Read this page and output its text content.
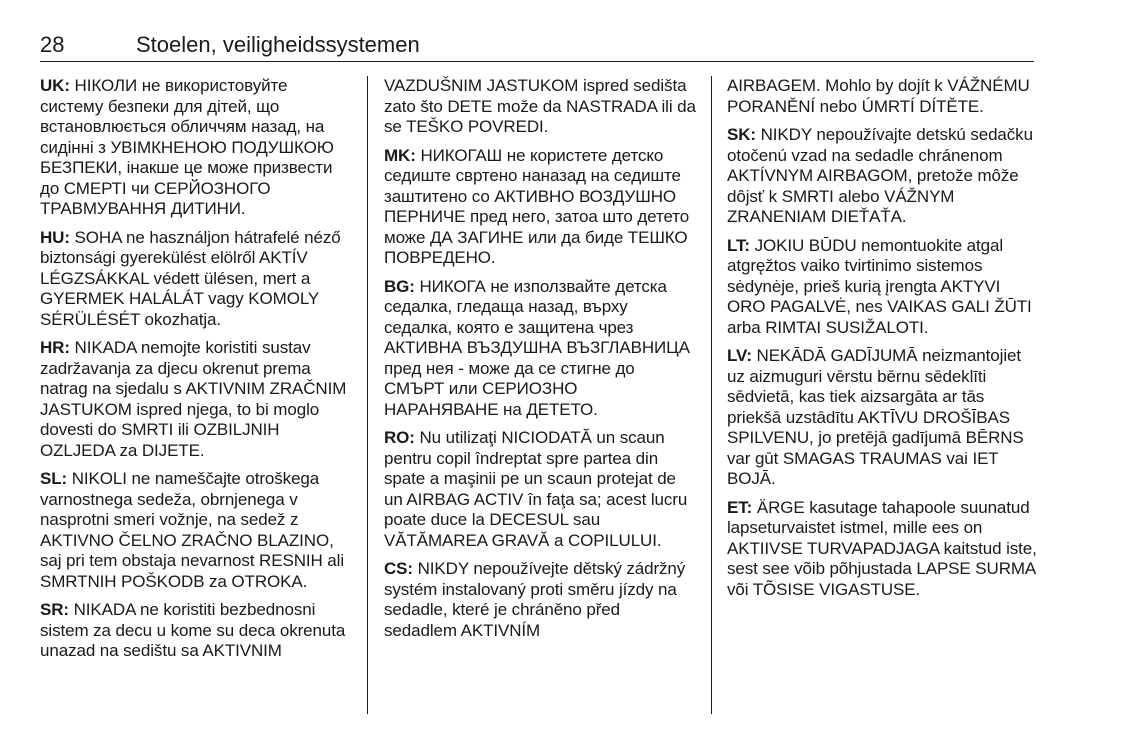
28	Stoelen, veiligheidssystemen

UK: НІКОЛИ не використовуйте систему безпеки для дітей, що встановлюється обличчям назад, на сидінні з УВІМКНЕНОЮ ПОДУШКОЮ БЕЗПЕКИ, інакше це може призвести до СМЕРТІ чи СЕРЙОЗНОГО ТРАВМУВАННЯ ДИТИНИ.

HU: SOHA ne használjon hátrafelé néző biztonsági gyerekülést elölről AKTÍV LÉGZSÁKKAL védett ülésen, mert a GYERMEK HALÁLÁT vagy KOMOLY SÉRÜLÉSÉT okozhatja.

HR: NIKADA nemojte koristiti sustav zadržavanja za djecu okrenut prema natrag na sjedalu s AKTIVNIM ZRAČNIM JASTUKOM ispred njega, to bi moglo dovesti do SMRTI ili OZBILJNIH OZLJEDA za DIJETE.

SL: NIKOLI ne nameščajte otroškega varnostnega sedeža, obrnjenega v nasprotni smeri vožnje, na sedež z AKTIVNO ČELNO ZRAČNO BLAZINO, saj pri tem obstaja nevarnost RESNIH ali SMRTNIH POŠKODB za OTROKA.

SR: NIKADA ne koristiti bezbednosni sistem za decu u kome su deca okrenuta unazad na sedištu sa AKTIVNIM

VAZDUŠNIM JASTUKOM ispred sedišta zato što DETE može da NASTRADA ili da se TEŠKO POVREDI.

MK: НИКОГАШ не користете детско седиште свртено наназад на седиште заштитено со АКТИВНО ВОЗДУШНО ПЕРНИЧЕ пред него, затоа што детето може ДА ЗАГИНЕ или да биде ТЕШКО ПОВРЕДЕНО.

BG: НИКОГА не използвайте детска седалка, гледаща назад, върху седалка, която е защитена чрез АКТИВНА ВЪЗДУШНА ВЪЗГЛАВНИЦА пред нея - може да се стигне до СМЪРТ или СЕРИОЗНО НАРАНЯВАНЕ на ДЕТЕТО.

RO: Nu utilizaţi NICIODATĂ un scaun pentru copil îndreptat spre partea din spate a maşinii pe un scaun protejat de un AIRBAG ACTIV în faţa sa; acest lucru poate duce la DECESUL sau VĂTĂMAREA GRAVĂ a COPILULUI.

CS: NIKDY nepoužívejte dětský zádržný systém instalovaný proti směru jízdy na sedadle, které je chráněno před sedadlem AKTIVNÍM

AIRBAGEM. Mohlo by dojít k VÁŽNÉMU PORANĚNÍ nebo ÚMRTÍ DÍTĚTE.

SK: NIKDY nepoužívajte detskú sedačku otočenú vzad na sedadle chránenom AKTÍVNYM AIRBAGOM, pretože môže dôjsť k SMRTI alebo VÁŽNYM ZRANENIAM DIEŤAŤA.

LT: JOKIU BŪDU nemontuokite atgal atgręžtos vaiko tvirtinimo sistemos sėdynėje, prieš kurią įrengta AKTYVI ORO PAGALVĖ, nes VAIKAS GALI ŽŪTI arba RIMTAI SUSIŽALOTI.

LV: NEKĀDĀ GADĪJUMĀ neizmantojiet uz aizmuguri vērstu bērnu sēdeklīti sēdvietā, kas tiek aizsargāta ar tās priekšā uzstādītu AKTĪVU DROŠĪBAS SPILVENU, jo pretējā gadījumā BĒRNS var gūt SMAGAS TRAUMAS vai IET BOJĀ.

ET: ÄRGE kasutage tahapoole suunatud lapseturvaistet istmel, mille ees on AKTIIVSE TURVAPADJAGA kaitstud iste, sest see võib põhjustada LAPSE SURMA või TÕSISE VIGASTUSE.
